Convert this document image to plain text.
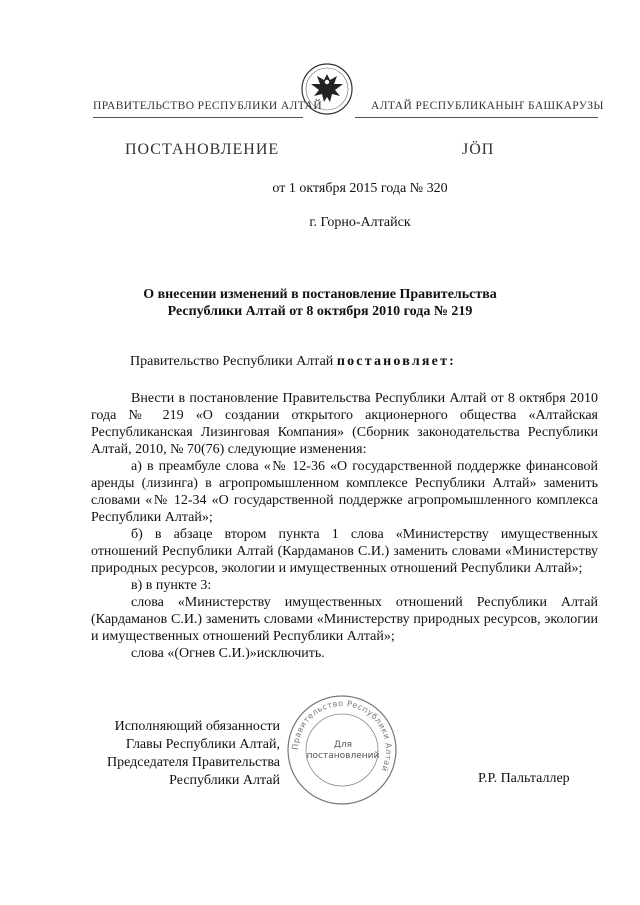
ПРАВИТЕЛЬСТВО РЕСПУБЛИКИ АЛТАЙ	АЛТАЙ РЕСПУБЛИКАНЫҤ БАШКАРУЗЫ
ПОСТАНОВЛЕНИЕ	JÖП
от 1 октября 2015 года № 320
г. Горно-Алтайск
О внесении изменений в постановление Правительства
Республики Алтай от 8 октября 2010 года № 219
Правительство Республики Алтай постановляет:

Внести в постановление Правительства Республики Алтай от 8 октября 2010 года № 219 «О создании открытого акционерного общества «Алтайская Республиканская Лизинговая Компания» (Сборник законодательства Республики Алтай, 2010, № 70(76) следующие изменения:

а) в преамбуле слова «№ 12-36 «О государственной поддержке финансовой аренды (лизинга) в агропромышленном комплексе Республики Алтай» заменить словами «№ 12-34 «О государственной поддержке агропромышленного комплекса Республики Алтай»;

б) в абзаце втором пункта 1 слова «Министерству имущественных отношений Республики Алтай (Кардаманов С.И.) заменить словами «Министерству природных ресурсов, экологии и имущественных отношений Республики Алтай»;

в) в пункте 3:

слова «Министерству имущественных отношений Республики Алтай (Кардаманов С.И.) заменить словами «Министерству природных ресурсов, экологии и имущественных отношений Республики Алтай»;

слова «(Огнев С.И.)»исключить.

Исполняющий обязанности
Главы Республики Алтай,
Председателя Правительства
Республики Алтай
Правительство Республики Алтай
Для
постановлений
Р.Р. Пальталлер
